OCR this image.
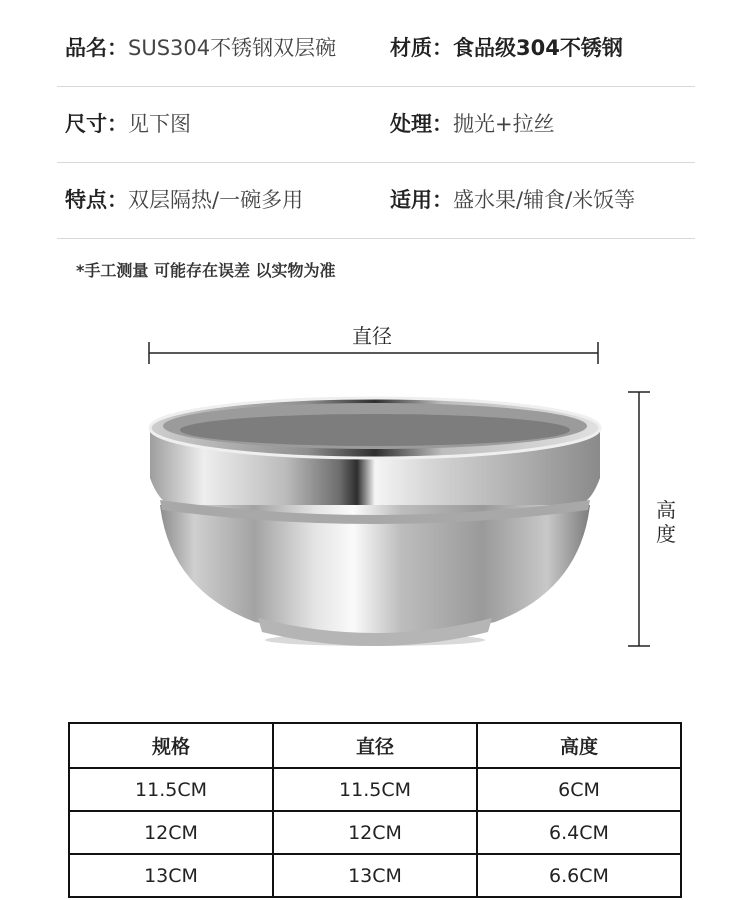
品名：SUS304不锈钢双层碗	材质：食品级304不锈钢
尺寸：见下图	处理：抛光+拉丝
特点：双层隔热/一碗多用	适用：盛水果/辅食/米饭等
*手工测量 可能存在误差 以实物为准
直径
高度
规格	直径	高度
11.5CM	11.5CM	6CM
12CM	12CM	6.4CM
13CM	13CM	6.6CM
